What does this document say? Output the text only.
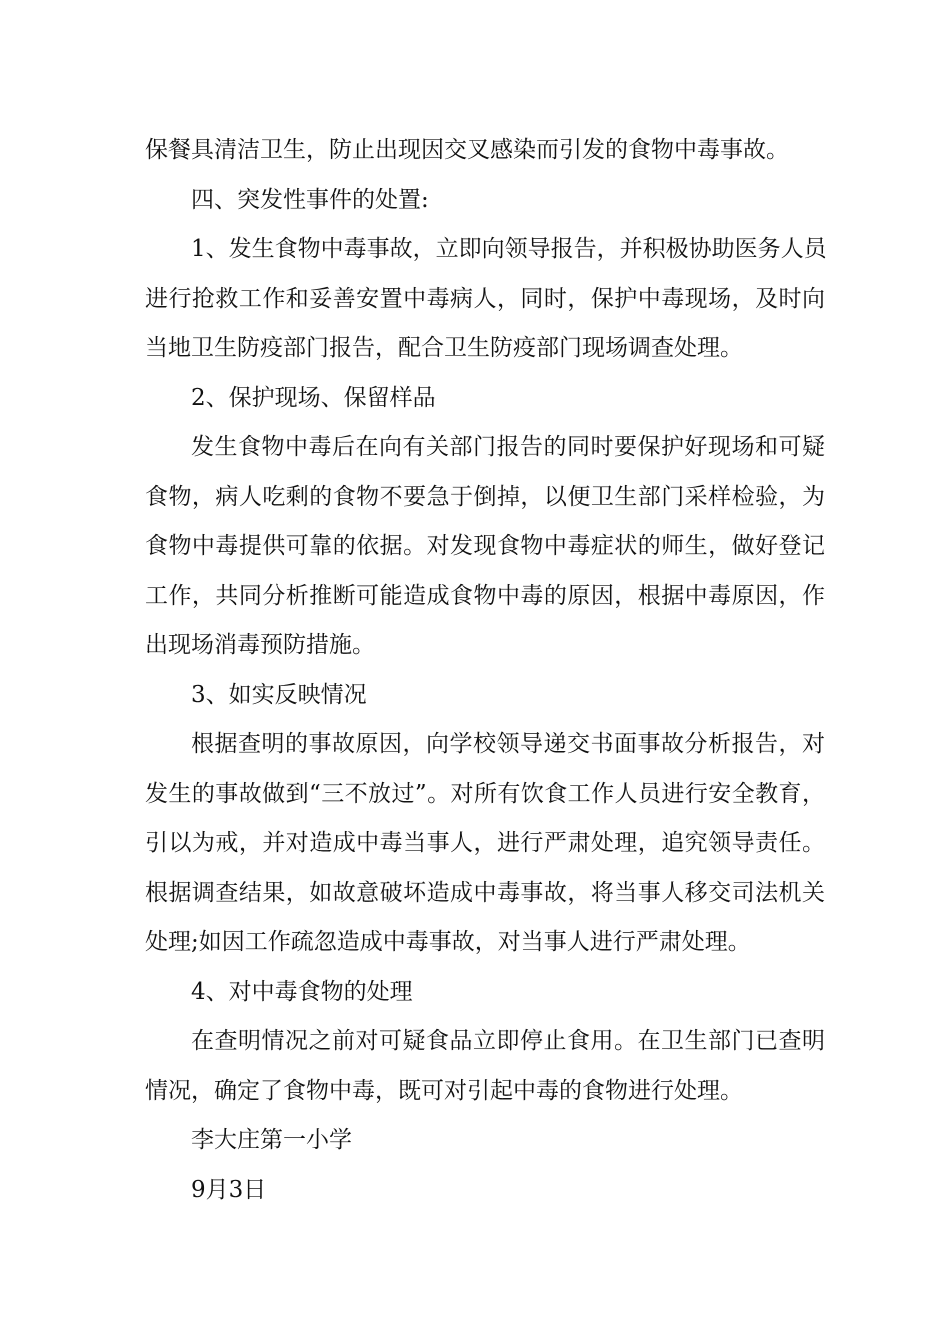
保餐具清洁卫生，防止出现因交叉感染而引发的食物中毒事故。
四、突发性事件的处置:
1、发生食物中毒事故，立即向领导报告，并积极协助医务人员
进行抢救工作和妥善安置中毒病人，同时，保护中毒现场，及时向
当地卫生防疫部门报告，配合卫生防疫部门现场调查处理。
2、保护现场、保留样品
发生食物中毒后在向有关部门报告的同时要保护好现场和可疑
食物，病人吃剩的食物不要急于倒掉，以便卫生部门采样检验，为
食物中毒提供可靠的依据。对发现食物中毒症状的师生，做好登记
工作，共同分析推断可能造成食物中毒的原因，根据中毒原因，作
出现场消毒预防措施。
3、如实反映情况
根据查明的事故原因，向学校领导递交书面事故分析报告，对
发生的事故做到“三不放过”。对所有饮食工作人员进行安全教育，
引以为戒，并对造成中毒当事人，进行严肃处理，追究领导责任。
根据调查结果，如故意破坏造成中毒事故，将当事人移交司法机关
处理;如因工作疏忽造成中毒事故，对当事人进行严肃处理。
4、对中毒食物的处理
在查明情况之前对可疑食品立即停止食用。在卫生部门已查明
情况，确定了食物中毒，既可对引起中毒的食物进行处理。
李大庄第一小学
9月3日
